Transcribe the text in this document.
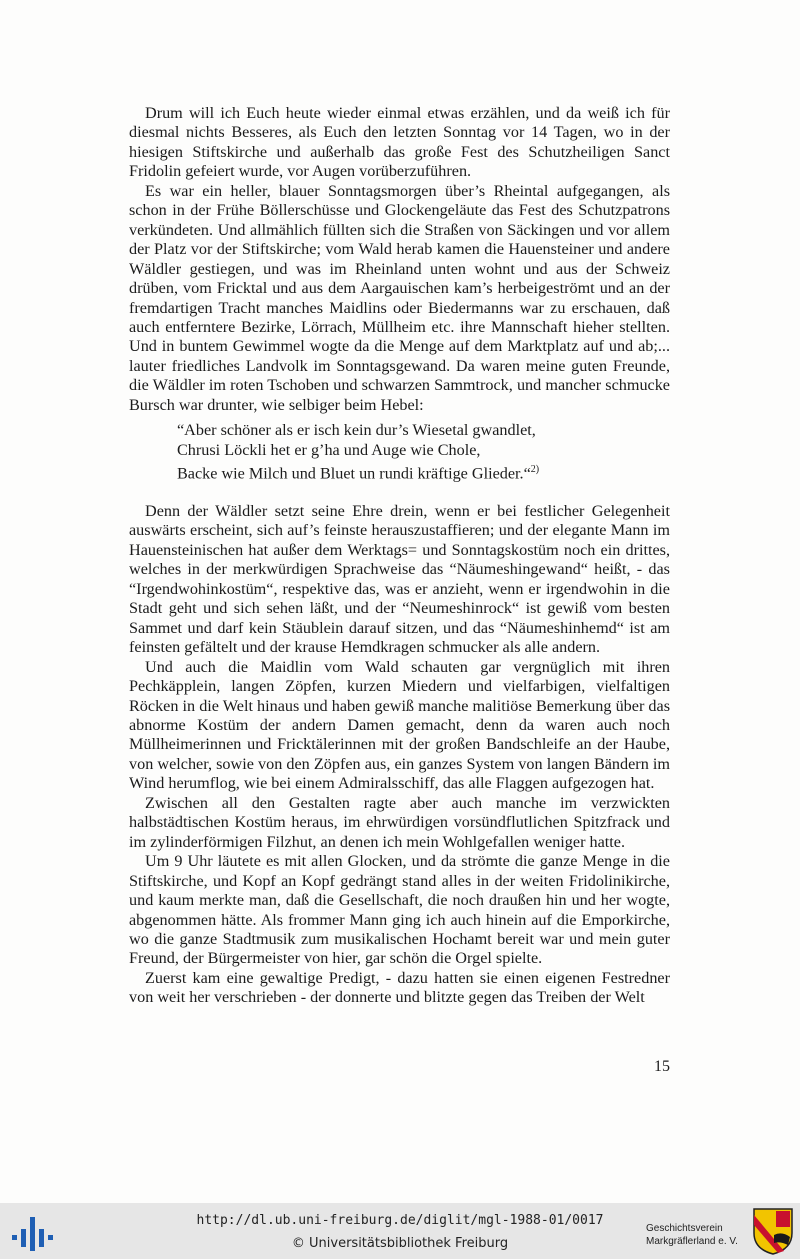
Drum will ich Euch heute wieder einmal etwas erzählen, und da weiß ich für diesmal nichts Besseres, als Euch den letzten Sonntag vor 14 Tagen, wo in der hiesigen Stiftskirche und außerhalb das große Fest des Schutzheiligen Sanct Fridolin gefeiert wurde, vor Augen vorüberzuführen.

Es war ein heller, blauer Sonntagsmorgen über’s Rheintal aufgegangen, als schon in der Frühe Böllerschüsse und Glockengeläute das Fest des Schutzpatrons verkündeten. Und allmählich füllten sich die Straßen von Säckingen und vor allem der Platz vor der Stiftskirche; vom Wald herab kamen die Hauensteiner und andere Wäldler gestiegen, und was im Rheinland unten wohnt und aus der Schweiz drüben, vom Fricktal und aus dem Aargauischen kam’s herbeigeströmt und an der fremdartigen Tracht manches Maidlins oder Biedermanns war zu erschauen, daß auch entferntere Bezirke, Lörrach, Müllheim etc. ihre Mannschaft hieher stellten. Und in buntem Gewimmel wogte da die Menge auf dem Marktplatz auf und ab;... lauter friedliches Landvolk im Sonntagsgewand. Da waren meine guten Freunde, die Wäldler im roten Tschoben und schwarzen Sammtrock, und mancher schmucke Bursch war drunter, wie selbiger beim Hebel:

“Aber schöner als er isch kein dur’s Wiesetal gwandlet,
Chrusi Löckli het er g’ha und Auge wie Chole,
Backe wie Milch und Bluet un rundi kräftige Glieder.“$^{2)}$

Denn der Wäldler setzt seine Ehre drein, wenn er bei festlicher Gelegenheit auswärts erscheint, sich auf’s feinste herauszustaffieren; und der elegante Mann im Hauensteinischen hat außer dem Werktags= und Sonntagskostüm noch ein drittes, welches in der merkwürdigen Sprachweise das “Näumeshingewand“ heißt, - das “Irgendwohinkostüm“, respektive das, was er anzieht, wenn er irgendwohin in die Stadt geht und sich sehen läßt, und der “Neumeshinrock“ ist gewiß vom besten Sammet und darf kein Stäublein darauf sitzen, und das “Näumeshinhemd“ ist am feinsten gefältelt und der krause Hemdkragen schmucker als alle andern.

Und auch die Maidlin vom Wald schauten gar vergnüglich mit ihren Pechkäpplein, langen Zöpfen, kurzen Miedern und vielfarbigen, vielfaltigen Röcken in die Welt hinaus und haben gewiß manche malitiöse Bemerkung über das abnorme Kostüm der andern Damen gemacht, denn da waren auch noch Müllheimerinnen und Fricktälerinnen mit der großen Bandschleife an der Haube, von welcher, sowie von den Zöpfen aus, ein ganzes System von langen Bändern im Wind herumflog, wie bei einem Admiralsschiff, das alle Flaggen aufgezogen hat.

Zwischen all den Gestalten ragte aber auch manche im verzwickten halbstädtischen Kostüm heraus, im ehrwürdigen vorsündflutlichen Spitzfrack und im zylinderförmigen Filzhut, an denen ich mein Wohlgefallen weniger hatte.

Um 9 Uhr läutete es mit allen Glocken, und da strömte die ganze Menge in die Stiftskirche, und Kopf an Kopf gedrängt stand alles in der weiten Fridolinikirche, und kaum merkte man, daß die Gesellschaft, die noch draußen hin und her wogte, abgenommen hätte. Als frommer Mann ging ich auch hinein auf die Emporkirche, wo die ganze Stadtmusik zum musikalischen Hochamt bereit war und mein guter Freund, der Bürgermeister von hier, gar schön die Orgel spielte.

Zuerst kam eine gewaltige Predigt, - dazu hatten sie einen eigenen Festredner von weit her verschrieben - der donnerte und blitzte gegen das Treiben der Welt

15
http://dl.ub.uni-freiburg.de/diglit/mgl-1988-01/0017
© Universitätsbibliothek Freiburg
Geschichtsverein
Markgräflerland e. V.
